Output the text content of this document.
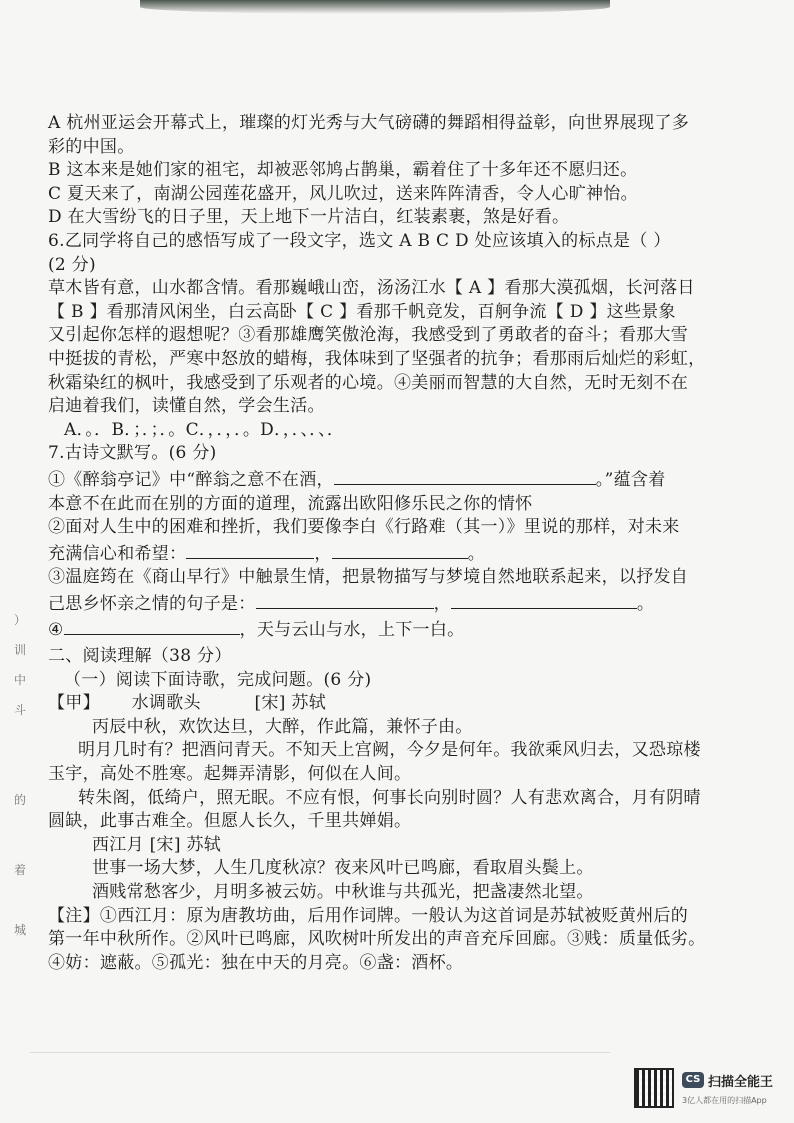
）
训
中
斗
的
着
城

A 杭州亚运会开幕式上，璀璨的灯光秀与大气磅礴的舞蹈相得益彰，向世界展现了多

彩的中国。

B 这本来是她们家的祖宅，却被恶邻鸠占鹊巢，霸着住了十多年还不愿归还。

C 夏天来了，南湖公园莲花盛开，风儿吹过，送来阵阵清香，令人心旷神怡。

D 在大雪纷飞的日子里，天上地下一片洁白，红装素裹，煞是好看。

6.乙同学将自己的感悟写成了一段文字，选文 A B C D 处应该填入的标点是（ ）

(2 分)

草木皆有意，山水都含情。看那巍峨山峦，汤汤江水【 A 】看那大漠孤烟，长河落日

【 B 】看那清风闲坐，白云高卧【 C 】看那千帆竞发，百舸争流【 D 】这些景象

又引起你怎样的遐想呢？③看那雄鹰笑傲沧海，我感受到了勇敢者的奋斗；看那大雪

中挺拔的青松，严寒中怒放的蜡梅，我体味到了坚强者的抗争；看那雨后灿烂的彩虹，

秋霜染红的枫叶，我感受到了乐观者的心境。④美丽而智慧的大自然，无时无刻不在

启迪着我们，读懂自然，学会生活。

A．。．B．；．；．。C．，．，．。D．，．、．、．

7.古诗文默写。(6 分)

①《醉翁亭记》中“醉翁之意不在酒，	。”蕴含着

本意不在此而在别的方面的道理，流露出欧阳修乐民之你的情怀

②面对人生中的困难和挫折，我们要像李白《行路难（其一）》里说的那样，对未来

充满信心和希望：	，	。

③温庭筠在《商山早行》中触景生情，把景物描写与梦境自然地联系起来，以抒发自

己思乡怀亲之情的句子是：	，	。

④	，天与云山与水，上下一白。

二、阅读理解（38 分）

（一）阅读下面诗歌，完成问题。(6 分)

【甲】 水调歌头	[宋] 苏轼

丙辰中秋，欢饮达旦，大醉，作此篇，兼怀子由。

明月几时有？把酒问青天。不知天上宫阙，今夕是何年。我欲乘风归去，又恐琼楼

玉宇，高处不胜寒。起舞弄清影，何似在人间。

转朱阁，低绮户，照无眠。不应有恨，何事长向别时圆？人有悲欢离合，月有阴晴

圆缺，此事古难全。但愿人长久，千里共婵娟。

西江月 [宋] 苏轼

世事一场大梦，人生几度秋凉？夜来风叶已鸣廊，看取眉头鬓上。

酒贱常愁客少，月明多被云妨。中秋谁与共孤光，把盏凄然北望。

【注】①西江月：原为唐教坊曲，后用作词牌。一般认为这首词是苏轼被贬黄州后的

第一年中秋所作。②风叶已鸣廊，风吹树叶所发出的声音充斥回廊。③贱：质量低劣。

④妨：遮蔽。⑤孤光：独在中天的月亮。⑥盏：酒杯。

CS 扫描全能王
3亿人都在用的扫描App
